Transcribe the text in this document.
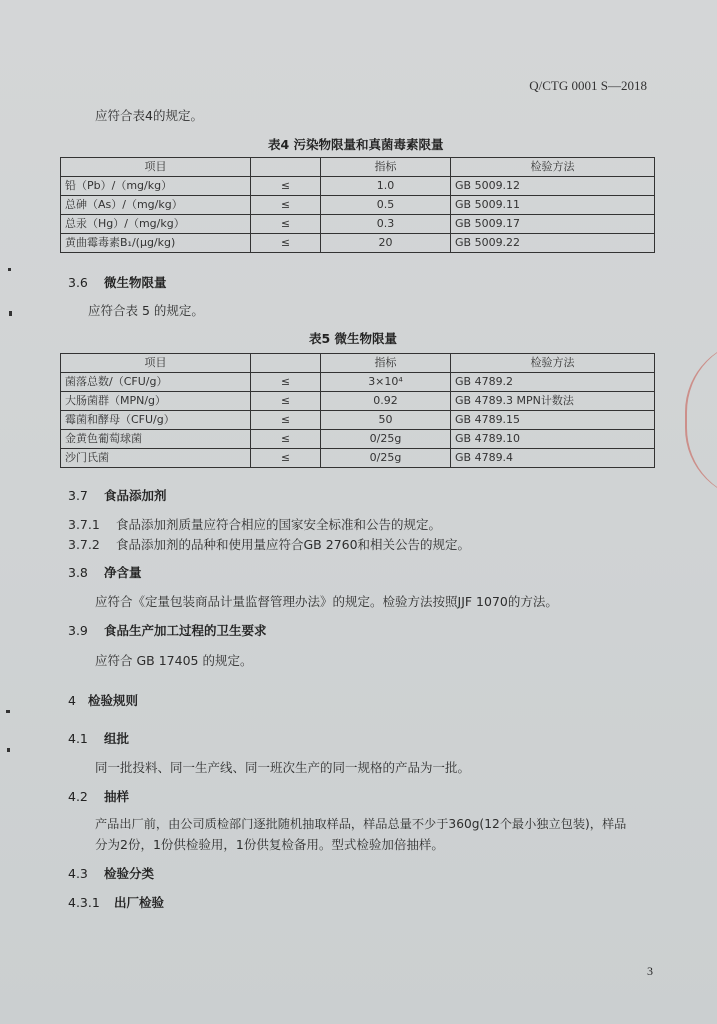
Q/CTG 0001 S—2018
应符合表4的规定。
表4 污染物限量和真菌毒素限量
项目		指标	检验方法
铅（Pb）/（mg/kg）	≤	1.0	GB 5009.12
总砷（As）/（mg/kg）	≤	0.5	GB 5009.11
总汞（Hg）/（mg/kg）	≤	0.3	GB 5009.17
黄曲霉毒素B₁/(μg/kg)	≤	20	GB 5009.22
3.6 微生物限量
应符合表 5 的规定。
表5 微生物限量
项目		指标	检验方法
菌落总数/（CFU/g）	≤	3×10⁴	GB 4789.2
大肠菌群（MPN/g）	≤	0.92	GB 4789.3 MPN计数法
霉菌和酵母（CFU/g）	≤	50	GB 4789.15
金黄色葡萄球菌	≤	0/25g	GB 4789.10
沙门氏菌	≤	0/25g	GB 4789.4
3.7 食品添加剂
3.7.1 食品添加剂质量应符合相应的国家安全标准和公告的规定。
3.7.2 食品添加剂的品种和使用量应符合GB 2760和相关公告的规定。
3.8 净含量
应符合《定量包装商品计量监督管理办法》的规定。检验方法按照JJF 1070的方法。
3.9 食品生产加工过程的卫生要求
应符合 GB 17405 的规定。
4 检验规则
4.1 组批
同一批投料、同一生产线、同一班次生产的同一规格的产品为一批。
4.2 抽样
产品出厂前，由公司质检部门逐批随机抽取样品，样品总量不少于360g(12个最小独立包装)，样品
分为2份，1份供检验用，1份供复检备用。型式检验加倍抽样。
4.3 检验分类
4.3.1 出厂检验
3
